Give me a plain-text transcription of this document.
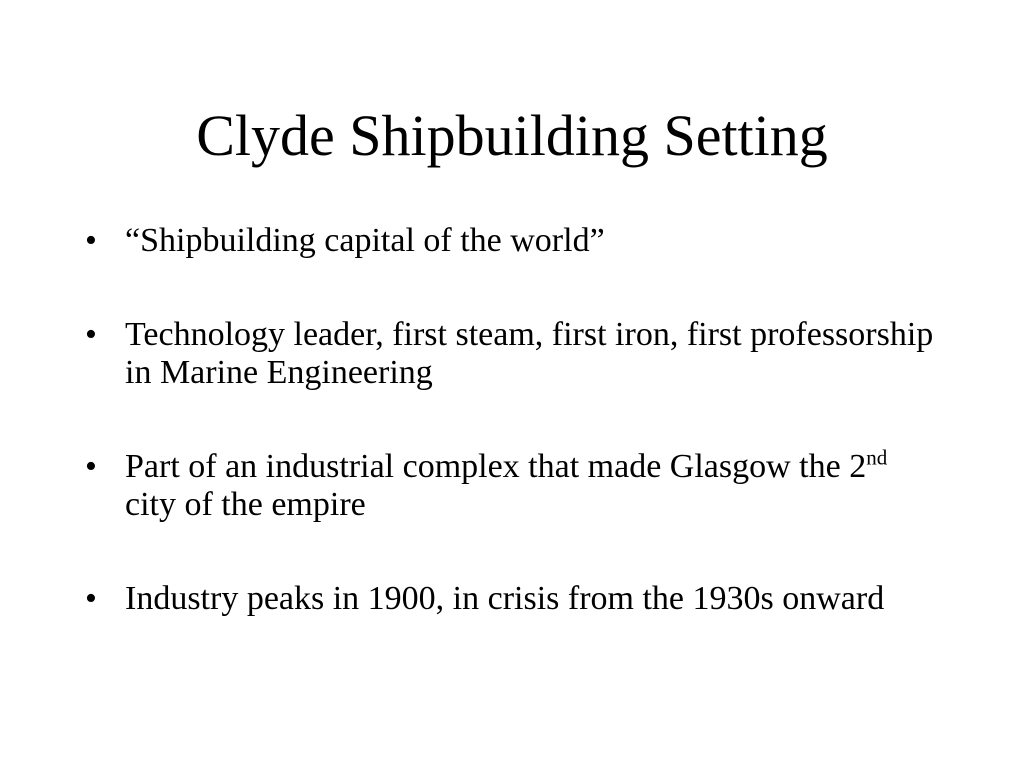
Clyde Shipbuilding Setting
• “Shipbuilding capital of the world”
• Technology leader, first steam, first iron, first professorship in Marine Engineering
• Part of an industrial complex that made Glasgow the 2nd city of the empire
• Industry peaks in 1900, in crisis from the 1930s onward
